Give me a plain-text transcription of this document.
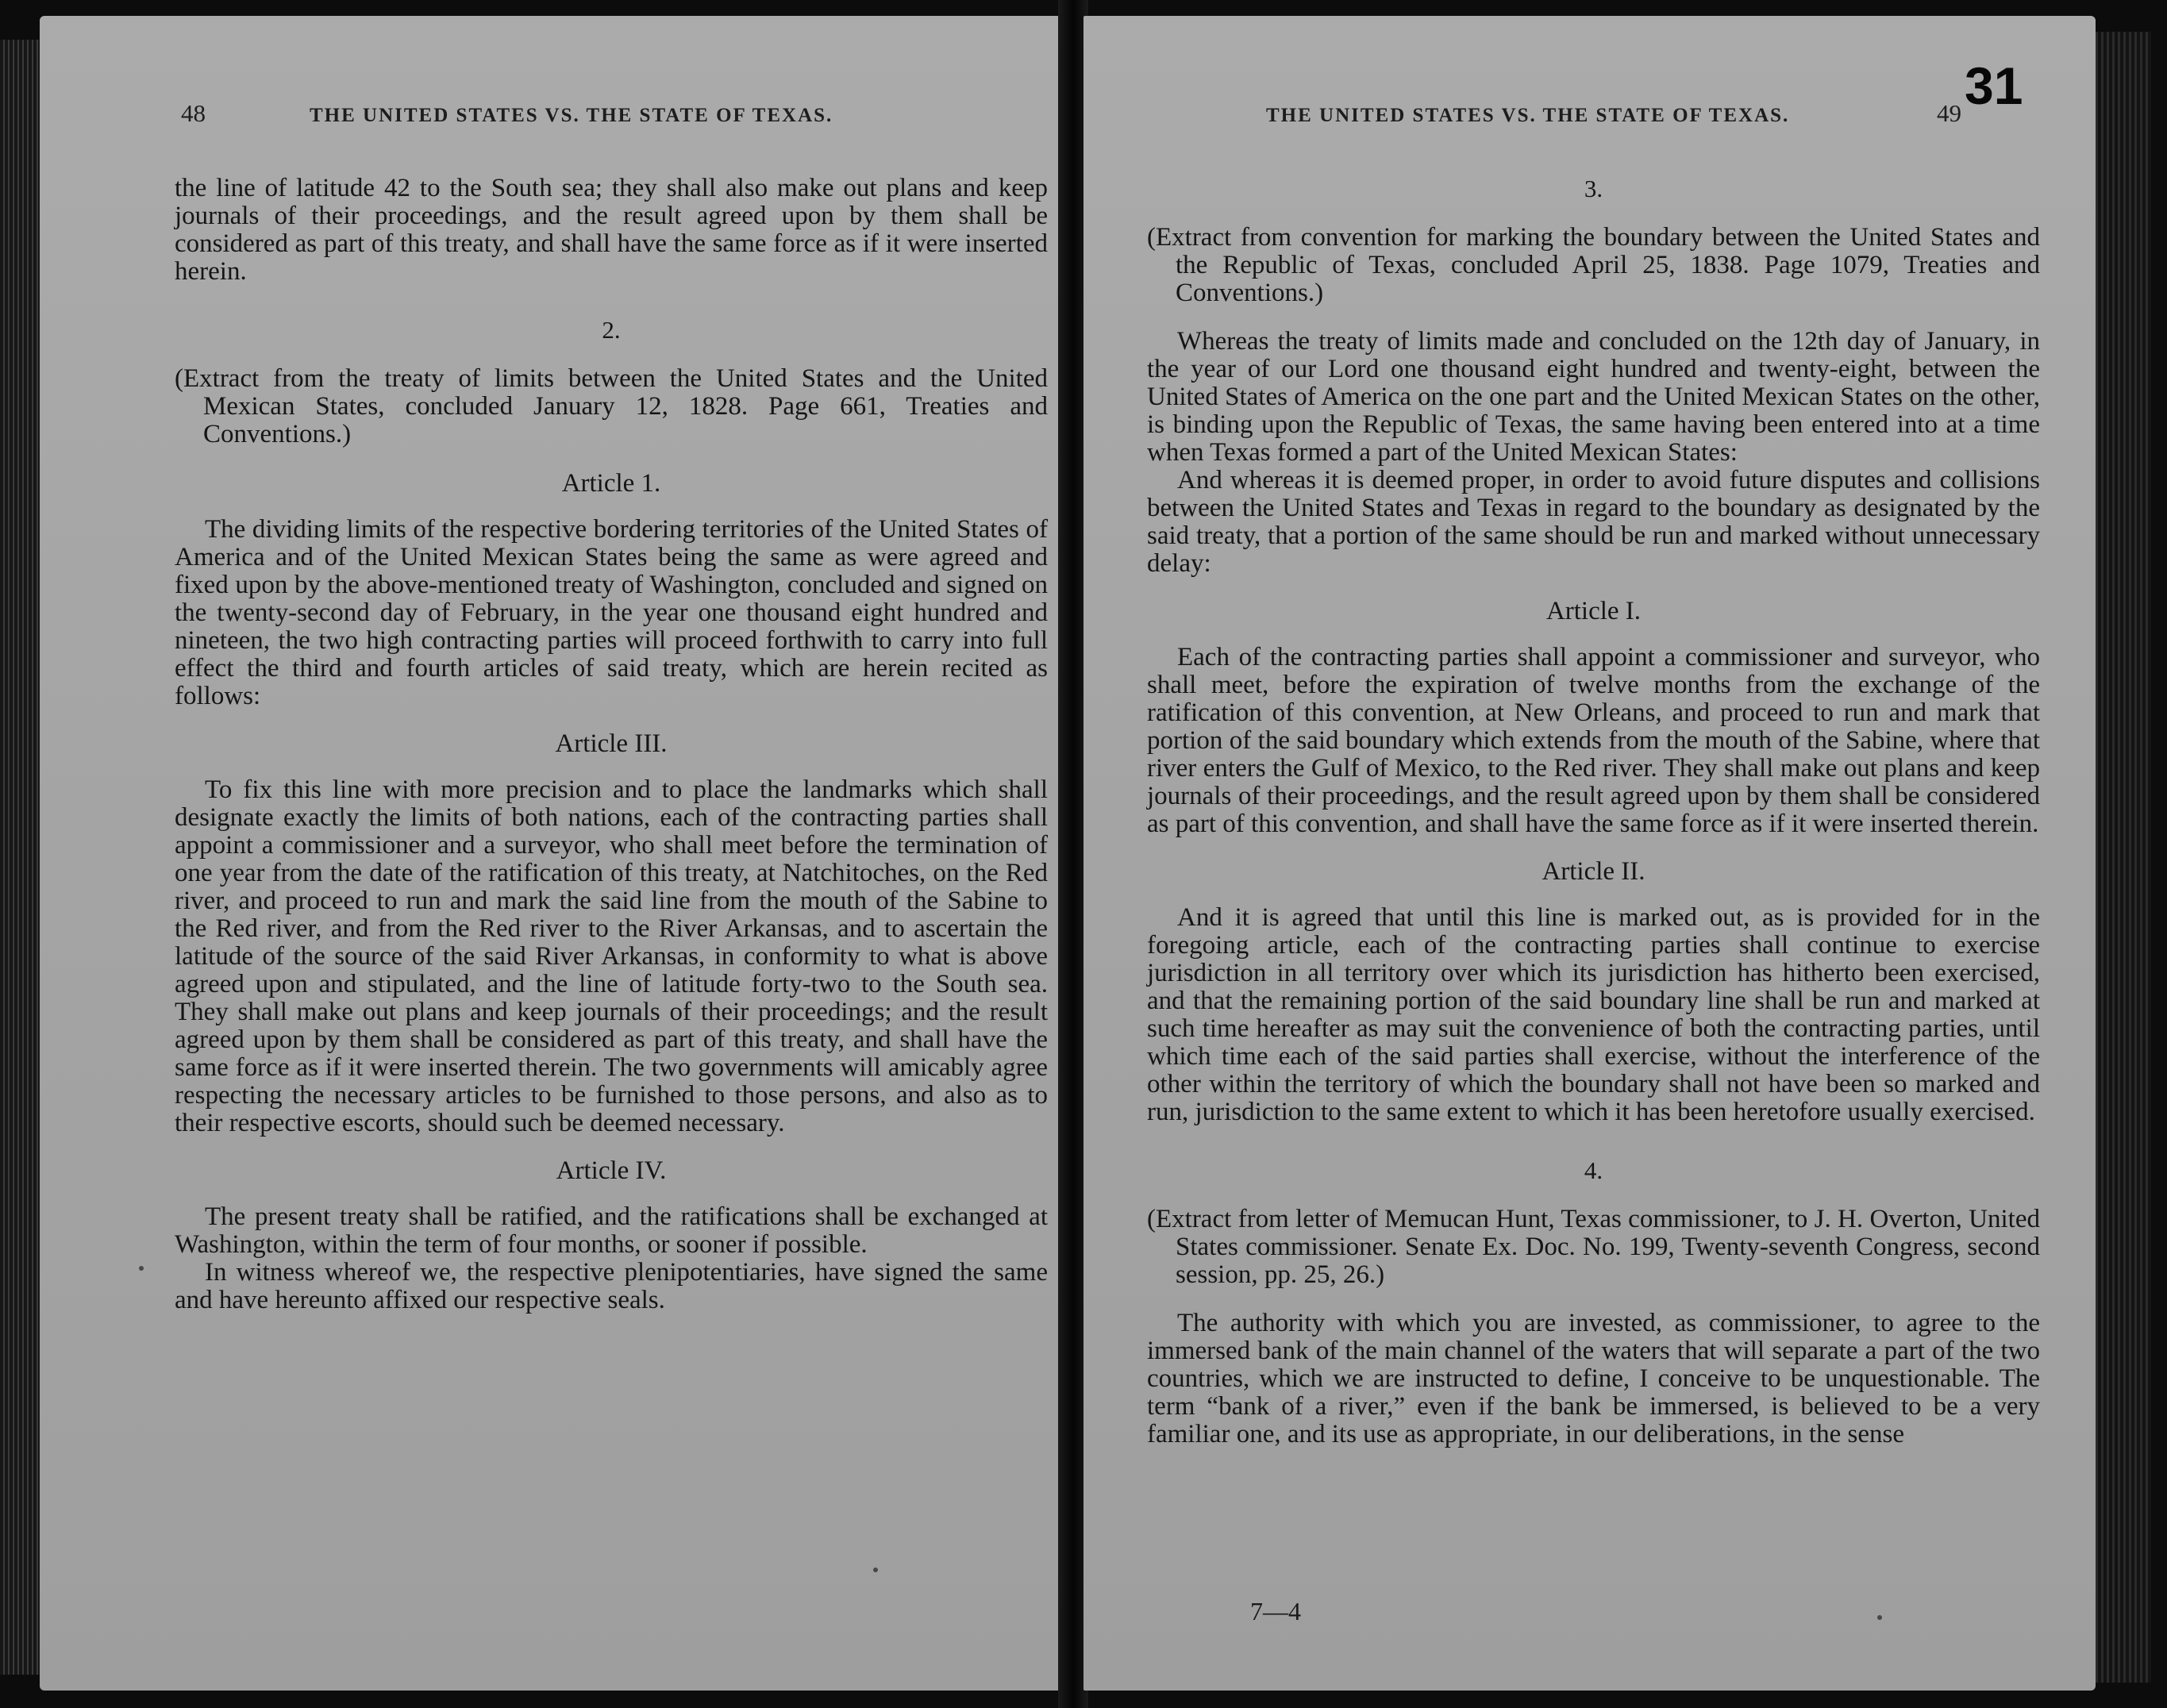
48	THE UNITED STATES VS. THE STATE OF TEXAS.

the line of latitude 42 to the South sea; they shall also make out plans and keep journals of their proceedings, and the result agreed upon by them shall be considered as part of this treaty, and shall have the same force as if it were inserted herein.

2.

(Extract from the treaty of limits between the United States and the United Mexican States, concluded January 12, 1828. Page 661, Treaties and Conventions.)

Article 1.

The dividing limits of the respective bordering territories of the United States of America and of the United Mexican States being the same as were agreed and fixed upon by the above-mentioned treaty of Washington, concluded and signed on the twenty-second day of February, in the year one thousand eight hundred and nineteen, the two high contracting parties will proceed forthwith to carry into full effect the third and fourth articles of said treaty, which are herein recited as follows:

Article III.

To fix this line with more precision and to place the landmarks which shall designate exactly the limits of both nations, each of the contracting parties shall appoint a commissioner and a surveyor, who shall meet before the termination of one year from the date of the ratification of this treaty, at Natchitoches, on the Red river, and proceed to run and mark the said line from the mouth of the Sabine to the Red river, and from the Red river to the River Arkansas, and to ascertain the latitude of the source of the said River Arkansas, in conformity to what is above agreed upon and stipulated, and the line of latitude forty-two to the South sea. They shall make out plans and keep journals of their proceedings; and the result agreed upon by them shall be considered as part of this treaty, and shall have the same force as if it were inserted therein. The two governments will amicably agree respecting the necessary articles to be furnished to those persons, and also as to their respective escorts, should such be deemed necessary.

Article IV.

The present treaty shall be ratified, and the ratifications shall be exchanged at Washington, within the term of four months, or sooner if possible.

In witness whereof we, the respective plenipotentiaries, have signed the same and have hereunto affixed our respective seals.

31
THE UNITED STATES VS. THE STATE OF TEXAS.	49
3.

(Extract from convention for marking the boundary between the United States and the Republic of Texas, concluded April 25, 1838. Page 1079, Treaties and Conventions.)

Whereas the treaty of limits made and concluded on the 12th day of January, in the year of our Lord one thousand eight hundred and twenty-eight, between the United States of America on the one part and the United Mexican States on the other, is binding upon the Republic of Texas, the same having been entered into at a time when Texas formed a part of the United Mexican States:

And whereas it is deemed proper, in order to avoid future disputes and collisions between the United States and Texas in regard to the boundary as designated by the said treaty, that a portion of the same should be run and marked without unnecessary delay:

Article I.

Each of the contracting parties shall appoint a commissioner and surveyor, who shall meet, before the expiration of twelve months from the exchange of the ratification of this convention, at New Orleans, and proceed to run and mark that portion of the said boundary which extends from the mouth of the Sabine, where that river enters the Gulf of Mexico, to the Red river. They shall make out plans and keep journals of their proceedings, and the result agreed upon by them shall be considered as part of this convention, and shall have the same force as if it were inserted therein.

Article II.

And it is agreed that until this line is marked out, as is provided for in the foregoing article, each of the contracting parties shall continue to exercise jurisdiction in all territory over which its jurisdiction has hitherto been exercised, and that the remaining portion of the said boundary line shall be run and marked at such time hereafter as may suit the convenience of both the contracting parties, until which time each of the said parties shall exercise, without the interference of the other within the territory of which the boundary shall not have been so marked and run, jurisdiction to the same extent to which it has been heretofore usually exercised.

4.

(Extract from letter of Memucan Hunt, Texas commissioner, to J. H. Overton, United States commissioner. Senate Ex. Doc. No. 199, Twenty-seventh Congress, second session, pp. 25, 26.)

The authority with which you are invested, as commissioner, to agree to the immersed bank of the main channel of the waters that will separate a part of the two countries, which we are instructed to define, I conceive to be unquestionable. The term “bank of a river,” even if the bank be immersed, is believed to be a very familiar one, and its use as appropriate, in our deliberations, in the sense

7—4
